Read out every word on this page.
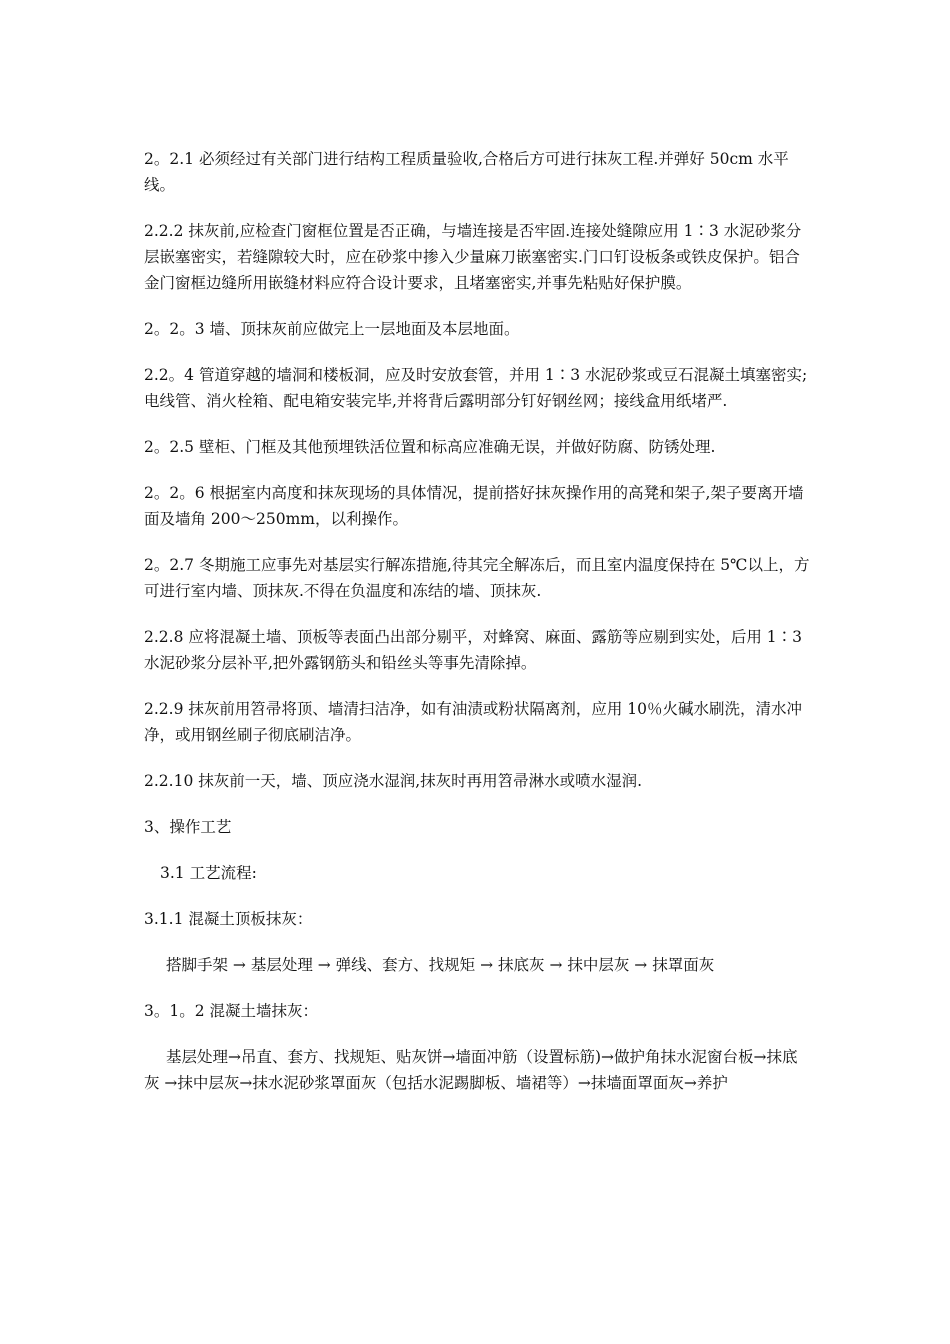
2。2.1 必须经过有关部门进行结构工程质量验收,合格后方可进行抹灰工程.并弹好 50cm 水平线。

2.2.2 抹灰前,应检查门窗框位置是否正确，与墙连接是否牢固.连接处缝隙应用 1∶3 水泥砂浆分层嵌塞密实，若缝隙较大时，应在砂浆中掺入少量麻刀嵌塞密实.门口钉设板条或铁皮保护。铝合金门窗框边缝所用嵌缝材料应符合设计要求，且堵塞密实,并事先粘贴好保护膜。

2。2。3 墙、顶抹灰前应做完上一层地面及本层地面。

2.2。4 管道穿越的墙洞和楼板洞，应及时安放套管，并用 1∶3 水泥砂浆或豆石混凝土填塞密实;电线管、消火栓箱、配电箱安装完毕,并将背后露明部分钉好钢丝网；接线盒用纸堵严.

2。2.5 壁柜、门框及其他预埋铁活位置和标高应准确无误，并做好防腐、防锈处理.

2。2。6 根据室内高度和抹灰现场的具体情况，提前搭好抹灰操作用的高凳和架子,架子要离开墙面及墙角 200～250mm，以利操作。

2。2.7 冬期施工应事先对基层实行解冻措施,待其完全解冻后，而且室内温度保持在 5℃以上，方可进行室内墙、顶抹灰.不得在负温度和冻结的墙、顶抹灰.

2.2.8 应将混凝土墙、顶板等表面凸出部分剔平，对蜂窝、麻面、露筋等应剔到实处，后用 1∶3 水泥砂浆分层补平,把外露钢筋头和铅丝头等事先清除掉。

2.2.9 抹灰前用笤帚将顶、墙清扫洁净，如有油渍或粉状隔离剂，应用 10％火碱水刷洗，清水冲净，或用钢丝刷子彻底刷洁净。

2.2.10 抹灰前一天，墙、顶应浇水湿润,抹灰时再用笤帚淋水或喷水湿润.

3、操作工艺

3.1 工艺流程:

3.1.1 混凝土顶板抹灰：

搭脚手架 → 基层处理 → 弹线、套方、找规矩 → 抹底灰 → 抹中层灰 → 抹罩面灰

3。1。2 混凝土墙抹灰：

基层处理→吊直、套方、找规矩、贴灰饼→墙面冲筋（设置标筋)→做护角抹水泥窗台板→抹底灰 →抹中层灰→抹水泥砂浆罩面灰（包括水泥踢脚板、墙裙等）→抹墙面罩面灰→养护
